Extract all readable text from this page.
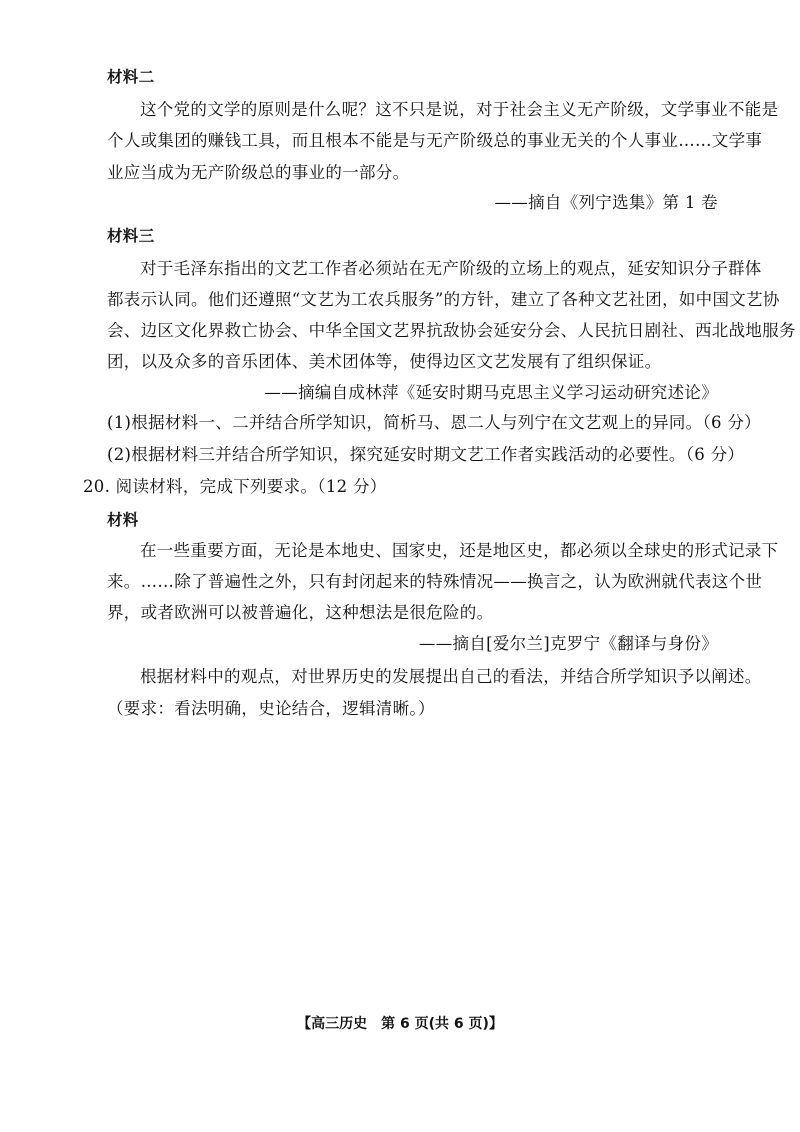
材料二
这个党的文学的原则是什么呢？这不只是说，对于社会主义无产阶级，文学事业不能是
个人或集团的赚钱工具，而且根本不能是与无产阶级总的事业无关的个人事业……文学事
业应当成为无产阶级总的事业的一部分。
——摘自《列宁选集》第 1 卷
材料三
对于毛泽东指出的文艺工作者必须站在无产阶级的立场上的观点，延安知识分子群体
都表示认同。他们还遵照“文艺为工农兵服务”的方针，建立了各种文艺社团，如中国文艺协
会、边区文化界救亡协会、中华全国文艺界抗敌协会延安分会、人民抗日剧社、西北战地服务
团，以及众多的音乐团体、美术团体等，使得边区文艺发展有了组织保证。
——摘编自成林萍《延安时期马克思主义学习运动研究述论》
(1)根据材料一、二并结合所学知识，简析马、恩二人与列宁在文艺观上的异同。（6 分）
(2)根据材料三并结合所学知识，探究延安时期文艺工作者实践活动的必要性。（6 分）
20. 阅读材料，完成下列要求。（12 分）
材料
在一些重要方面，无论是本地史、国家史，还是地区史，都必须以全球史的形式记录下
来。……除了普遍性之外，只有封闭起来的特殊情况——换言之，认为欧洲就代表这个世
界，或者欧洲可以被普遍化，这种想法是很危险的。
——摘自[爱尔兰]克罗宁《翻译与身份》
根据材料中的观点，对世界历史的发展提出自己的看法，并结合所学知识予以阐述。
（要求：看法明确，史论结合，逻辑清晰。）
【高三历史　第 6 页(共 6 页)】
